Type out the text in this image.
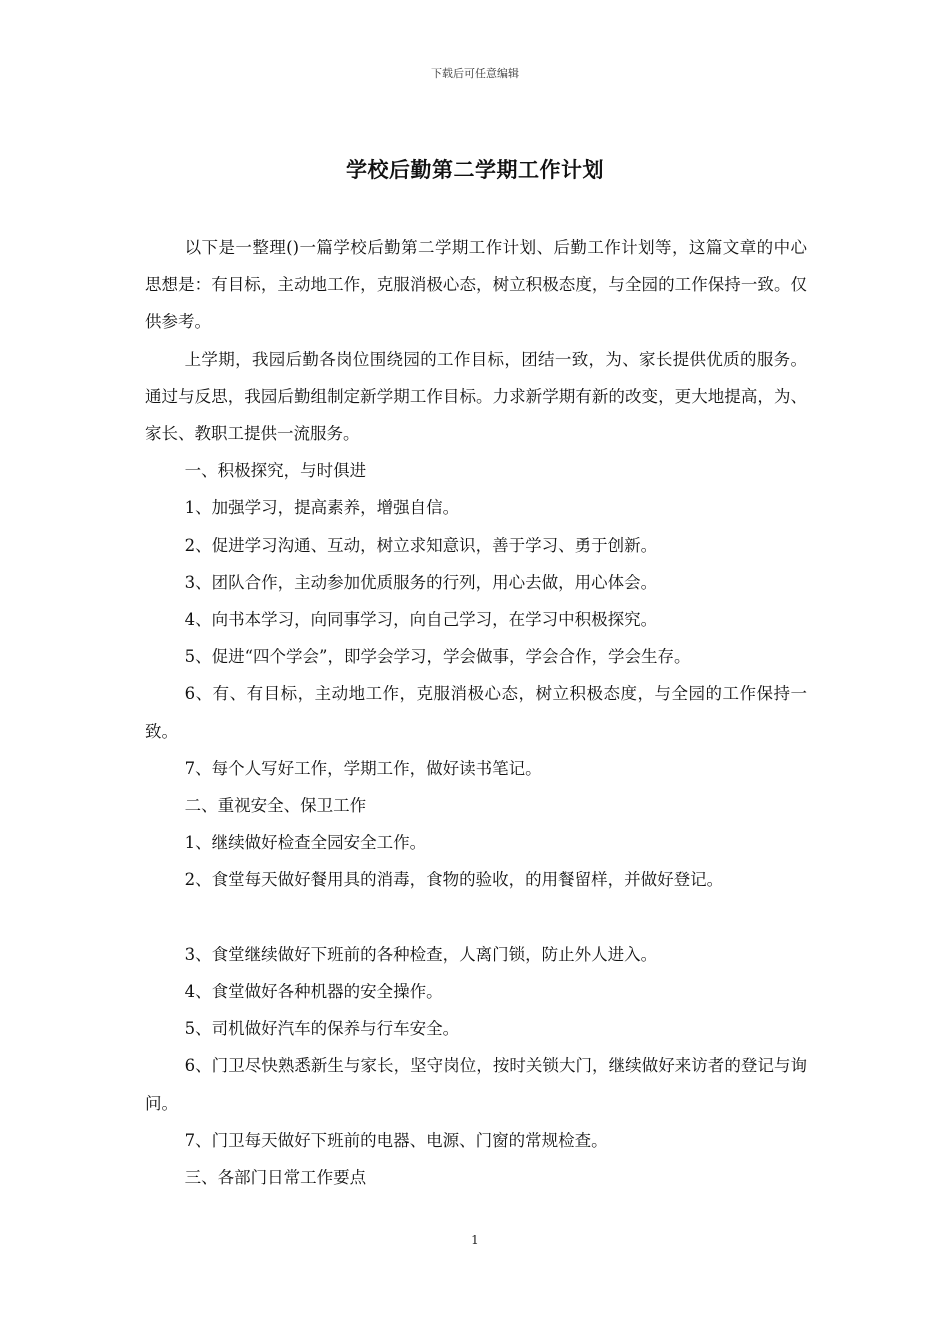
下载后可任意编辑
学校后勤第二学期工作计划

以下是一整理()一篇学校后勤第二学期工作计划、后勤工作计划等，这篇文章的中心思想是：有目标，主动地工作，克服消极心态，树立积极态度，与全园的工作保持一致。仅供参考。

上学期，我园后勤各岗位围绕园的工作目标，团结一致，为、家长提供优质的服务。通过与反思，我园后勤组制定新学期工作目标。力求新学期有新的改变，更大地提高，为、家长、教职工提供一流服务。

一、积极探究，与时俱进

1、加强学习，提高素养，增强自信。

2、促进学习沟通、互动，树立求知意识，善于学习、勇于创新。

3、团队合作，主动参加优质服务的行列，用心去做，用心体会。

4、向书本学习，向同事学习，向自己学习，在学习中积极探究。

5、促进“四个学会”，即学会学习，学会做事，学会合作，学会生存。

6、有、有目标，主动地工作，克服消极心态，树立积极态度，与全园的工作保持一致。

7、每个人写好工作，学期工作，做好读书笔记。

二、重视安全、保卫工作

1、继续做好检查全园安全工作。

2、食堂每天做好餐用具的消毒，食物的验收，的用餐留样，并做好登记。

3、食堂继续做好下班前的各种检查，人离门锁，防止外人进入。

4、食堂做好各种机器的安全操作。

5、司机做好汽车的保养与行车安全。

6、门卫尽快熟悉新生与家长，坚守岗位，按时关锁大门，继续做好来访者的登记与询问。

7、门卫每天做好下班前的电器、电源、门窗的常规检查。

三、各部门日常工作要点

1
